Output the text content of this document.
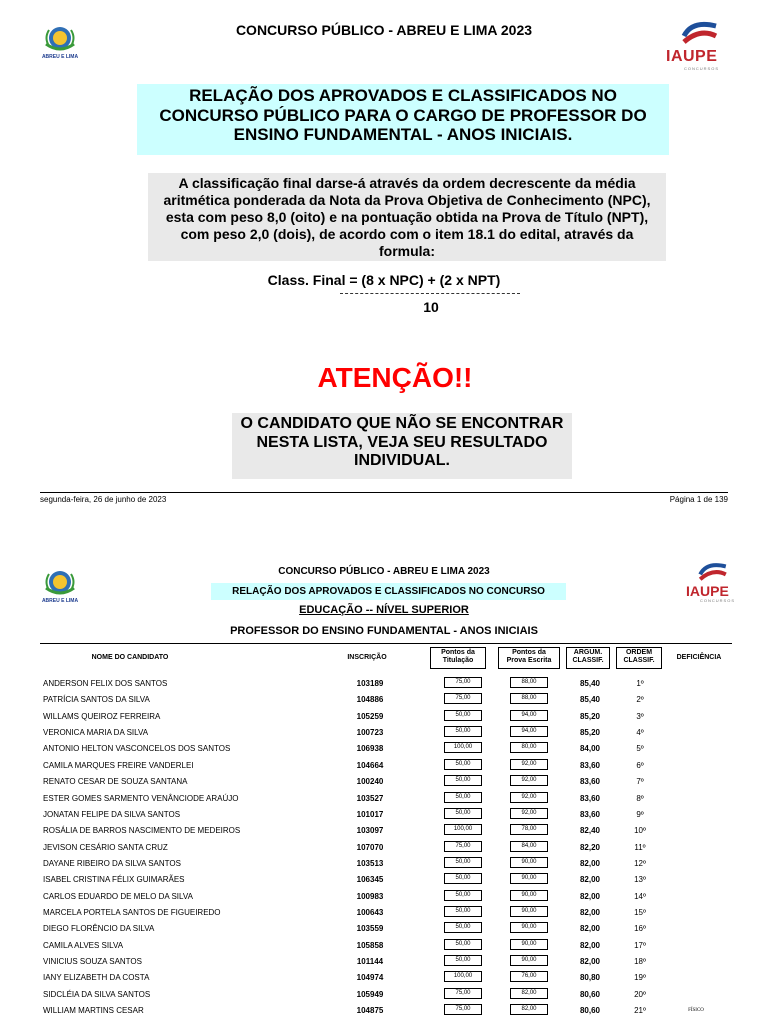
ABREU E LIMA	IAUPE
CONCURSOS
CONCURSO PÚBLICO - ABREU E LIMA 2023
RELAÇÃO DOS APROVADOS E CLASSIFICADOS NO
CONCURSO PÚBLICO PARA O CARGO DE PROFESSOR DO
ENSINO FUNDAMENTAL - ANOS INICIAIS.
A classificação final darse-á através da ordem decrescente da média
aritmética ponderada da Nota da Prova Objetiva de Conhecimento (NPC),
esta com peso 8,0 (oito) e na pontuação obtida na Prova de Título (NPT),
com peso 2,0 (dois), de acordo com o item 18.1 do edital, através da
formula:
Class. Final = (8 x NPC) + (2 x NPT)
10
ATENÇÃO!!
O CANDIDATO QUE NÃO SE ENCONTRAR
NESTA LISTA, VEJA SEU RESULTADO
INDIVIDUAL.
segunda-feira, 26 de junho de 2023	Página 1 de 139
ABREU E LIMA
IAUPE
CONCURSOS
CONCURSO PÚBLICO - ABREU E LIMA 2023
RELAÇÃO DOS APROVADOS E CLASSIFICADOS NO CONCURSO
EDUCAÇÃO -- NÍVEL SUPERIOR
PROFESSOR DO ENSINO FUNDAMENTAL - ANOS INICIAIS
NOME DO CANDIDATO	INSCRIÇÃO
Pontos da
Titulação
Pontos da
Prova Escrita
ARGUM.
CLASSIF.
ORDEM
CLASSIF.	DEFICIÊNCIA
ANDERSON FELIX DOS SANTOS	103189	75,00	88,00	85,40	1º
PATRÍCIA SANTOS DA SILVA	104886	75,00	88,00	85,40	2º
WILLAMS QUEIROZ FERREIRA	105259	50,00	94,00	85,20	3º
VERONICA MARIA DA SILVA	100723	50,00	94,00	85,20	4º
ANTONIO HELTON VASCONCELOS DOS SANTOS	106938	100,00	80,00	84,00	5º
CAMILA MARQUES FREIRE VANDERLEI	104664	50,00	92,00	83,60	6º
RENATO CESAR DE SOUZA SANTANA	100240	50,00	92,00	83,60	7º
ESTER GOMES SARMENTO VENÂNCIODE ARAÚJO	103527	50,00	92,00	83,60	8º
JONATAN FELIPE DA SILVA SANTOS	101017	50,00	92,00	83,60	9º
ROSÁLIA DE BARROS NASCIMENTO DE MEDEIROS	103097	100,00	78,00	82,40	10º
JEVISON CESÁRIO SANTA CRUZ	107070	75,00	84,00	82,20	11º
DAYANE RIBEIRO DA SILVA SANTOS	103513	50,00	90,00	82,00	12º
ISABEL CRISTINA FÉLIX GUIMARÃES	106345	50,00	90,00	82,00	13º
CARLOS EDUARDO DE MELO DA SILVA	100983	50,00	90,00	82,00	14º
MARCELA PORTELA SANTOS DE FIGUEIREDO	100643	50,00	90,00	82,00	15º
DIEGO FLORÊNCIO DA SILVA	103559	50,00	90,00	82,00	16º
CAMILA ALVES SILVA	105858	50,00	90,00	82,00	17º
VINICIUS SOUZA SANTOS	101144	50,00	90,00	82,00	18º
IANY ELIZABETH DA COSTA	104974	100,00	76,00	80,80	19º
SIDCLÉIA DA SILVA SANTOS	105949	75,00	82,00	80,60	20º
WILLIAM MARTINS CESAR	104875	75,00	82,00	80,60	21º	FÍSICO
